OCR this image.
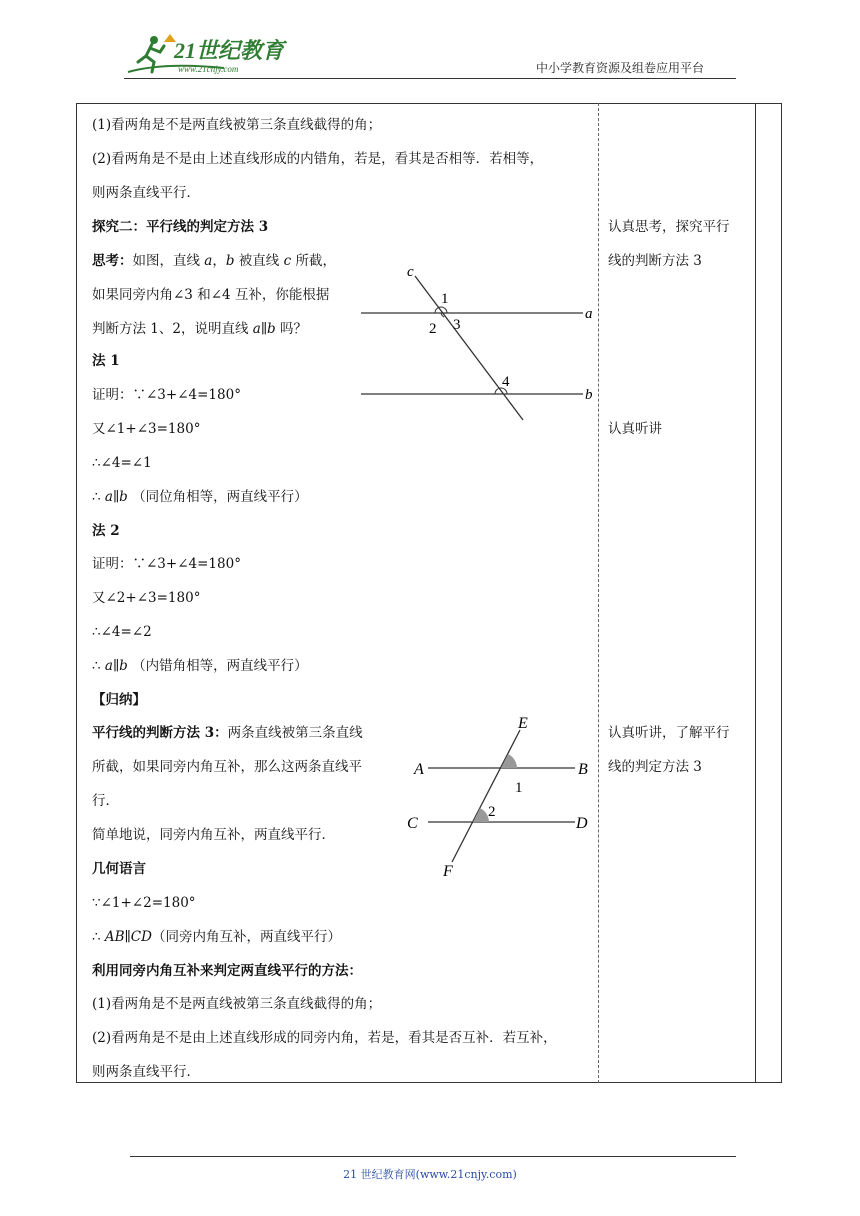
21世纪教育
www.21cnjy.com	中小学教育资源及组卷应用平台
(1)看两角是不是两直线被第三条直线截得的角；
(2)看两角是不是由上述直线形成的内错角，若是，看其是否相等．若相等，
则两条直线平行．
探究二：平行线的判定方法 3
思考：如图，直线 a，b 被直线 c 所截，
如果同旁内角∠3 和∠4 互补，你能根据
判断方法 1、2，说明直线 a∥b 吗？
法 1
证明：∵∠3+∠4=180°
又∠1+∠3=180°
∴∠4=∠1
∴ a∥b （同位角相等，两直线平行）
法 2
证明：∵∠3+∠4=180°
又∠2+∠3=180°
∴∠4=∠2
∴ a∥b （内错角相等，两直线平行）
【归纳】
平行线的判断方法 3：两条直线被第三条直线
所截，如果同旁内角互补，那么这两条直线平
行．
简单地说，同旁内角互补，两直线平行．
几何语言
∵∠1+∠2=180°
∴ AB∥CD（同旁内角互补，两直线平行）
利用同旁内角互补来判定两直线平行的方法：
(1)看两角是不是两直线被第三条直线截得的角；
(2)看两角是不是由上述直线形成的同旁内角，若是，看其是否互补．若互补，
则两条直线平行．
认真思考，探究平行
线的判断方法 3
认真听讲
认真听讲，了解平行
线的判定方法 3
c
a
b
1
2 3
4
E
A	B
1
C
2
D
F
21 世纪教育网(www.21cnjy.com)
